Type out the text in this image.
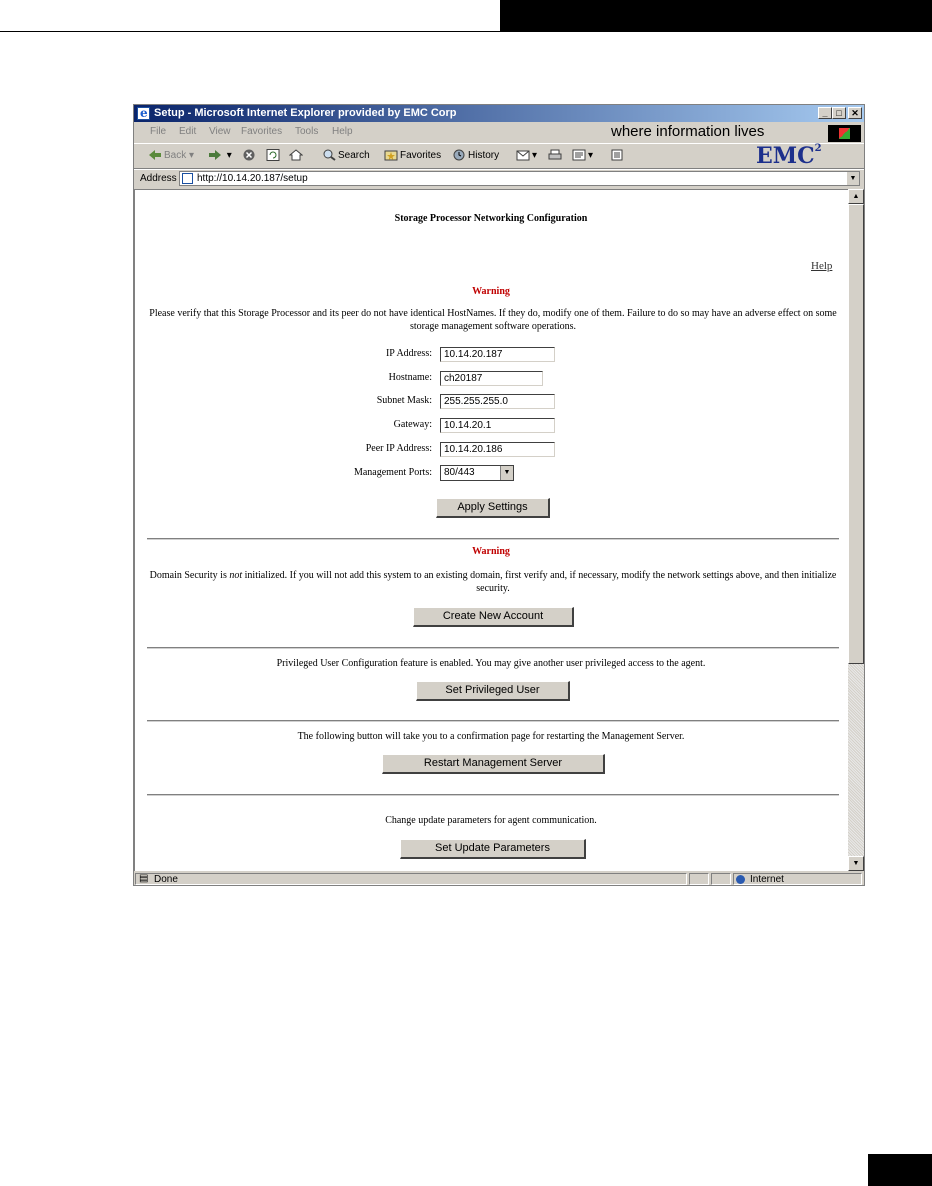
e
Setup - Microsoft Internet Explorer provided by EMC Corp	_ □	✕
File Edit View Favorites Tools Help	where information lives
Back ▾	▾	Search	Favorites	History	▾	▾	EMC$^2$
Address http://10.14.20.187/setup	▼
Storage Processor Networking Configuration
Help
Warning
Please verify that this Storage Processor and its peer do not have identical HostNames. If they do, modify one of them. Failure to do so may have an adverse effect on some storage management software operations.
IP Address:	10.14.20.187
Hostname:	ch20187
Subnet Mask:	255.255.255.0
Gateway:	10.14.20.1
Peer IP Address:	10.14.20.186
Management Ports:	80/443	▼
Apply Settings
Warning
Domain Security is not initialized. If you will not add this system to an existing domain, first verify and, if necessary, modify the network settings above, and then initialize security.
Create New Account
Privileged User Configuration feature is enabled. You may give another user privileged access to the agent.
Set Privileged User
The following button will take you to a confirmation page for restarting the Management Server.
Restart Management Server
Change update parameters for agent communication.
Set Update Parameters
▲
▼
▤ Done	Internet
